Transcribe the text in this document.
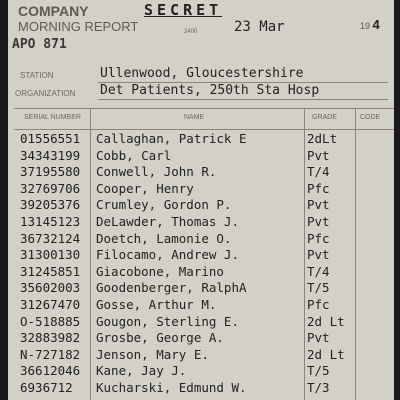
COMPANY
MORNING REPORT
APO 871
SECRET
2400	23 Mar	19 4
STATION	Ullenwood, Gloucestershire
ORGANIZATION Det Patients, 250th Sta Hosp
SERIAL NUMBER	NAME	GRADE	CODE
01556551 Callaghan, Patrick E	2dLt
34343199 Cobb, Carl	Pvt
37195580 Conwell, John R.	T/4
32769706 Cooper, Henry	Pfc
39205376 Crumley, Gordon P.	Pvt
13145123 DeLawder, Thomas J.	Pvt
36732124 Doetch, Lamonie O.	Pfc
31300130 Filocamo, Andrew J.	Pvt
31245851 Giacobone, Marino	T/4
35602003 Goodenberger, RalphA	T/5
31267470 Gosse, Arthur M.	Pfc
O-518885 Gougon, Sterling E.	2d Lt
32883982 Grosbe, George A.	Pvt
N-727182 Jenson, Mary E.	2d Lt
36612046 Kane, Jay J.	T/5
6936712 Kucharski, Edmund W.	T/3
